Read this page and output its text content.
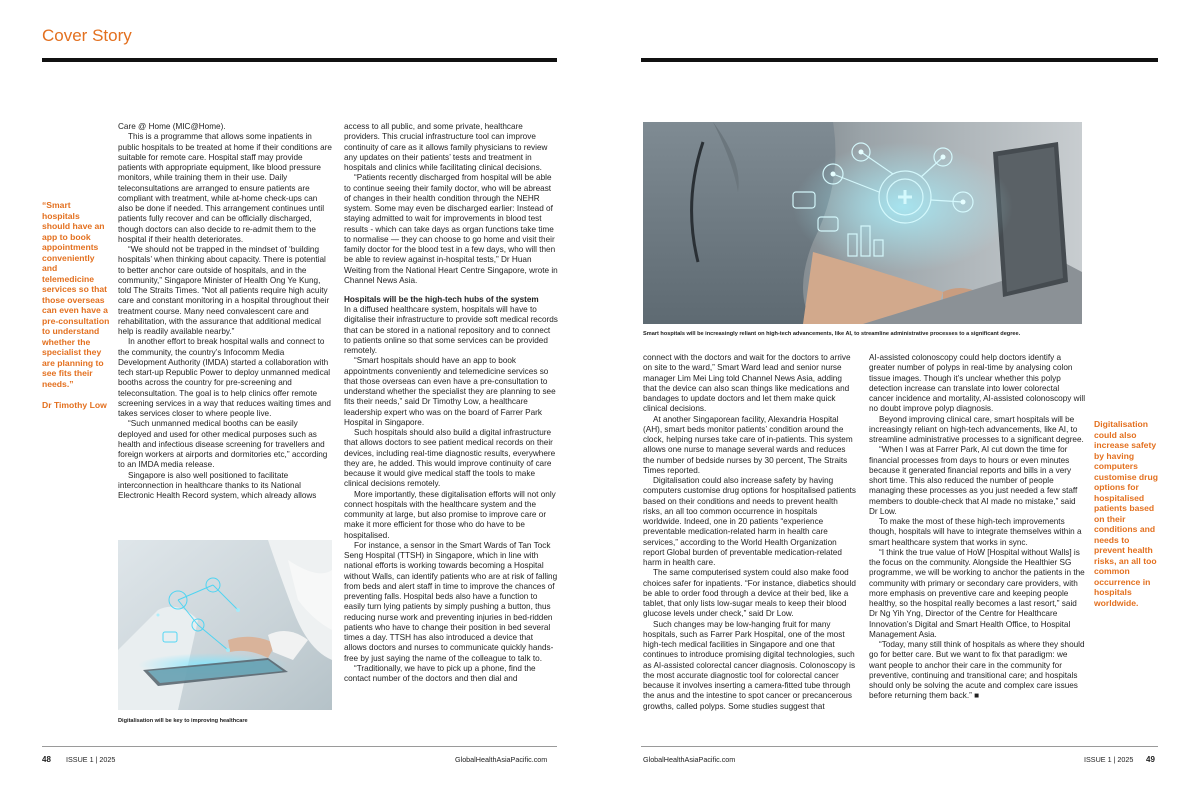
Cover Story
“Smart hospitals should have an app to book appointments conveniently and telemedicine services so that those overseas can even have a pre-consultation to understand whether the specialist they are planning to see fits their needs.”
Dr Timothy Low
Digitalisation could also increase safety by having computers customise drug options for hospitalised patients based on their conditions and needs to prevent health risks, an all too common occurrence in hospitals worldwide.

Care @ Home (MIC@Home).

This is a programme that allows some inpatients in public hospitals to be treated at home if their conditions are suitable for remote care. Hospital staff may provide patients with appropriate equipment, like blood pressure monitors, while training them in their use. Daily teleconsultations are arranged to ensure patients are compliant with treatment, while at-home check-ups can also be done if needed. This arrangement continues until patients fully recover and can be officially discharged, though doctors can also decide to re-admit them to the hospital if their health deteriorates.

“We should not be trapped in the mindset of ‘building hospitals’ when thinking about capacity. There is potential to better anchor care outside of hospitals, and in the community,” Singapore Minister of Health Ong Ye Kung, told The Straits Times. “Not all patients require high acuity care and constant monitoring in a hospital throughout their treatment course. Many need convalescent care and rehabilitation, with the assurance that additional medical help is readily available nearby.”

In another effort to break hospital walls and connect to the community, the country’s Infocomm Media Development Authority (IMDA) started a collaboration with tech start-up Republic Power to deploy unmanned medical booths across the country for pre-screening and teleconsultation. The goal is to help clinics offer remote screening services in a way that reduces waiting times and takes services closer to where people live.

“Such unmanned medical booths can be easily deployed and used for other medical purposes such as health and infectious disease screening for travellers and foreign workers at airports and dormitories etc,” according to an IMDA media release.

Singapore is also well positioned to facilitate interconnection in healthcare thanks to its National Electronic Health Record system, which already allows

access to all public, and some private, healthcare providers. This crucial infrastructure tool can improve continuity of care as it allows family physicians to review any updates on their patients’ tests and treatment in hospitals and clinics while facilitating clinical decisions.

“Patients recently discharged from hospital will be able to continue seeing their family doctor, who will be abreast of changes in their health condition through the NEHR system. Some may even be discharged earlier: Instead of staying admitted to wait for improvements in blood test results - which can take days as organ functions take time to normalise — they can choose to go home and visit their family doctor for the blood test in a few days, who will then be able to review against in-hospital tests,” Dr Huan Weiting from the National Heart Centre Singapore, wrote in Channel News Asia.

Hospitals will be the high-tech hubs of the system

In a diffused healthcare system, hospitals will have to digitalise their infrastructure to provide soft medical records that can be stored in a national repository and to connect to patients online so that some services can be provided remotely.

“Smart hospitals should have an app to book appointments conveniently and telemedicine services so that those overseas can even have a pre-consultation to understand whether the specialist they are planning to see fits their needs,” said Dr Timothy Low, a healthcare leadership expert who was on the board of Farrer Park Hospital in Singapore.

Such hospitals should also build a digital infrastructure that allows doctors to see patient medical records on their devices, including real-time diagnostic results, everywhere they are, he added. This would improve continuity of care because it would give medical staff the tools to make clinical decisions remotely.

More importantly, these digitalisation efforts will not only connect hospitals with the healthcare system and the community at large, but also promise to improve care or make it more efficient for those who do have to be hospitalised.

For instance, a sensor in the Smart Wards of Tan Tock Seng Hospital (TTSH) in Singapore, which in line with national efforts is working towards becoming a Hospital without Walls, can identify patients who are at risk of falling from beds and alert staff in time to improve the chances of preventing falls. Hospital beds also have a function to easily turn lying patients by simply pushing a button, thus reducing nurse work and preventing injuries in bed-ridden patients who have to change their position in bed several times a day. TTSH has also introduced a device that allows doctors and nurses to communicate quickly hands-free by just saying the name of the colleague to talk to.

“Traditionally, we have to pick up a phone, find the contact number of the doctors and then dial and

connect with the doctors and wait for the doctors to arrive on site to the ward,” Smart Ward lead and senior nurse manager Lim Mei Ling told Channel News Asia, adding that the device can also scan things like medications and bandages to update doctors and let them make quick clinical decisions.

At another Singaporean facility, Alexandria Hospital (AH), smart beds monitor patients’ condition around the clock, helping nurses take care of in-patients. This system allows one nurse to manage several wards and reduces the number of bedside nurses by 30 percent, The Straits Times reported.

Digitalisation could also increase safety by having computers customise drug options for hospitalised patients based on their conditions and needs to prevent health risks, an all too common occurrence in hospitals worldwide. Indeed, one in 20 patients “experience preventable medication-related harm in health care services,” according to the World Health Organization report Global burden of preventable medication-related harm in health care.

The same computerised system could also make food choices safer for inpatients. “For instance, diabetics should be able to order food through a device at their bed, like a tablet, that only lists low-sugar meals to keep their blood glucose levels under check,” said Dr Low.

Such changes may be low-hanging fruit for many hospitals, such as Farrer Park Hospital, one of the most high-tech medical facilities in Singapore and one that continues to introduce promising digital technologies, such as AI-assisted colorectal cancer diagnosis. Colonoscopy is the most accurate diagnostic tool for colorectal cancer because it involves inserting a camera-fitted tube through the anus and the intestine to spot cancer or precancerous growths, called polyps. Some studies suggest that

AI-assisted colonoscopy could help doctors identify a greater number of polyps in real-time by analysing colon tissue images. Though it’s unclear whether this polyp detection increase can translate into lower colorectal cancer incidence and mortality, AI-assisted colonoscopy will no doubt improve polyp diagnosis.

Beyond improving clinical care, smart hospitals will be increasingly reliant on high-tech advancements, like AI, to streamline administrative processes to a significant degree.

“When I was at Farrer Park, AI cut down the time for financial processes from days to hours or even minutes because it generated financial reports and bills in a very short time. This also reduced the number of people managing these processes as you just needed a few staff members to double-check that AI made no mistake,” said Dr Low.

To make the most of these high-tech improvements though, hospitals will have to integrate themselves within a smart healthcare system that works in sync.

“I think the true value of HoW [Hospital without Walls] is the focus on the community. Alongside the Healthier SG programme, we will be working to anchor the patients in the community with primary or secondary care providers, with more emphasis on preventive care and keeping people healthy, so the hospital really becomes a last resort,” said Dr Ng Yih Yng, Director of the Centre for Healthcare Innovation’s Digital and Smart Health Office, to Hospital Management Asia.

“Today, many still think of hospitals as where they should go for better care. But we want to fix that paradigm: we want people to anchor their care in the community for preventive, continuing and transitional care; and hospitals should only be solving the acute and complex care issues before returning them back.” ■

Digitalisation will be key to improving healthcare
Smart hospitals will be increasingly reliant on high-tech advancements, like AI, to streamline administrative processes to a significant degree.
48 ISSUE 1 | 2025	GlobalHealthAsiaPacific.com	GlobalHealthAsiaPacific.com	ISSUE 1 | 2025 49
